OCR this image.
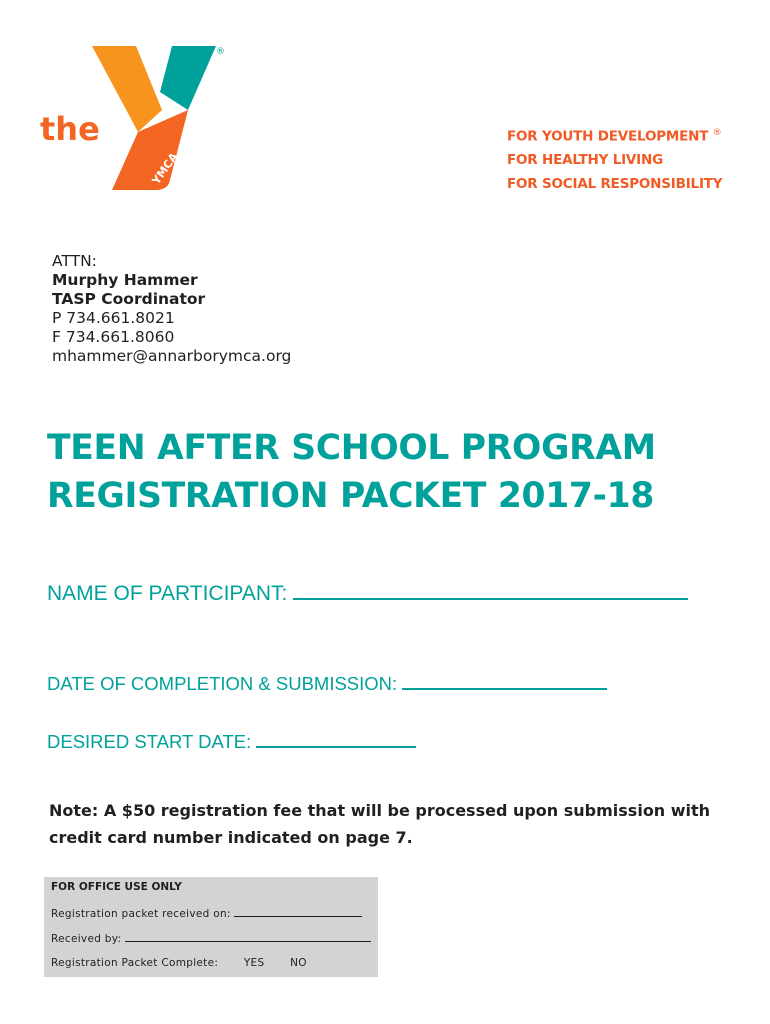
the
YMCA
®
FOR YOUTH DEVELOPMENT ®
FOR HEALTHY LIVING
FOR SOCIAL RESPONSIBILITY
ATTN:
Murphy Hammer
TASP Coordinator
P 734.661.8021
F 734.661.8060
mhammer@annarborymca.org
TEEN AFTER SCHOOL PROGRAM
REGISTRATION PACKET 2017-18
NAME OF PARTICIPANT:
DATE OF COMPLETION & SUBMISSION:
DESIRED START DATE:
Note: A $50 registration fee that will be processed upon submission with credit card number indicated on page 7.
FOR OFFICE USE ONLY
Registration packet received on:
Received by:
Registration Packet Complete: YES NO
